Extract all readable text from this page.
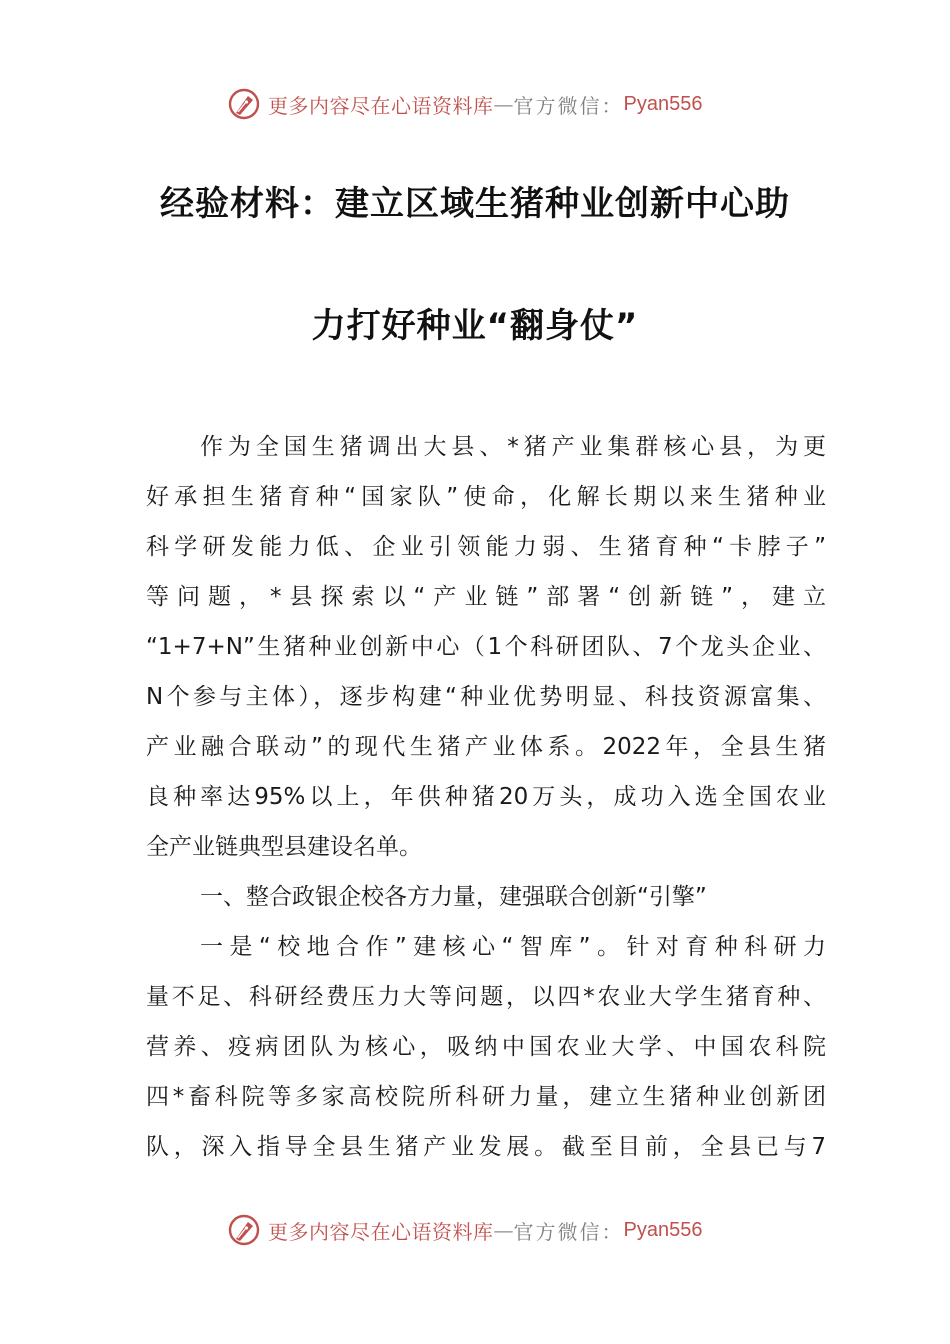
更多内容尽在心语资料库 — 官方微信： Pyan556
经验材料：建立区域生猪种业创新中心助
力打好种业“翻身仗”
作为全国生猪调出大县、*猪产业集群核心县，为更
好承担生猪育种“国家队”使命，化解长期以来生猪种业
科学研发能力低、企业引领能力弱、生猪育种“卡脖子”
等问题，*县探索以“产业链”部署“创新链”，建立
“1+7+N”生猪种业创新中心（1个科研团队、7个龙头企业、
N个参与主体），逐步构建“种业优势明显、科技资源富集、
产业融合联动”的现代生猪产业体系。2022年，全县生猪
良种率达95%以上，年供种猪20万头，成功入选全国农业
全产业链典型县建设名单。
一、整合政银企校各方力量，建强联合创新“引擎”
一是“校地合作”建核心“智库”。针对育种科研力
量不足、科研经费压力大等问题，以四*农业大学生猪育种、
营养、疫病团队为核心，吸纳中国农业大学、中国农科院
四*畜科院等多家高校院所科研力量，建立生猪种业创新团
队，深入指导全县生猪产业发展。截至目前，全县已与7
更多内容尽在心语资料库 — 官方微信： Pyan556
